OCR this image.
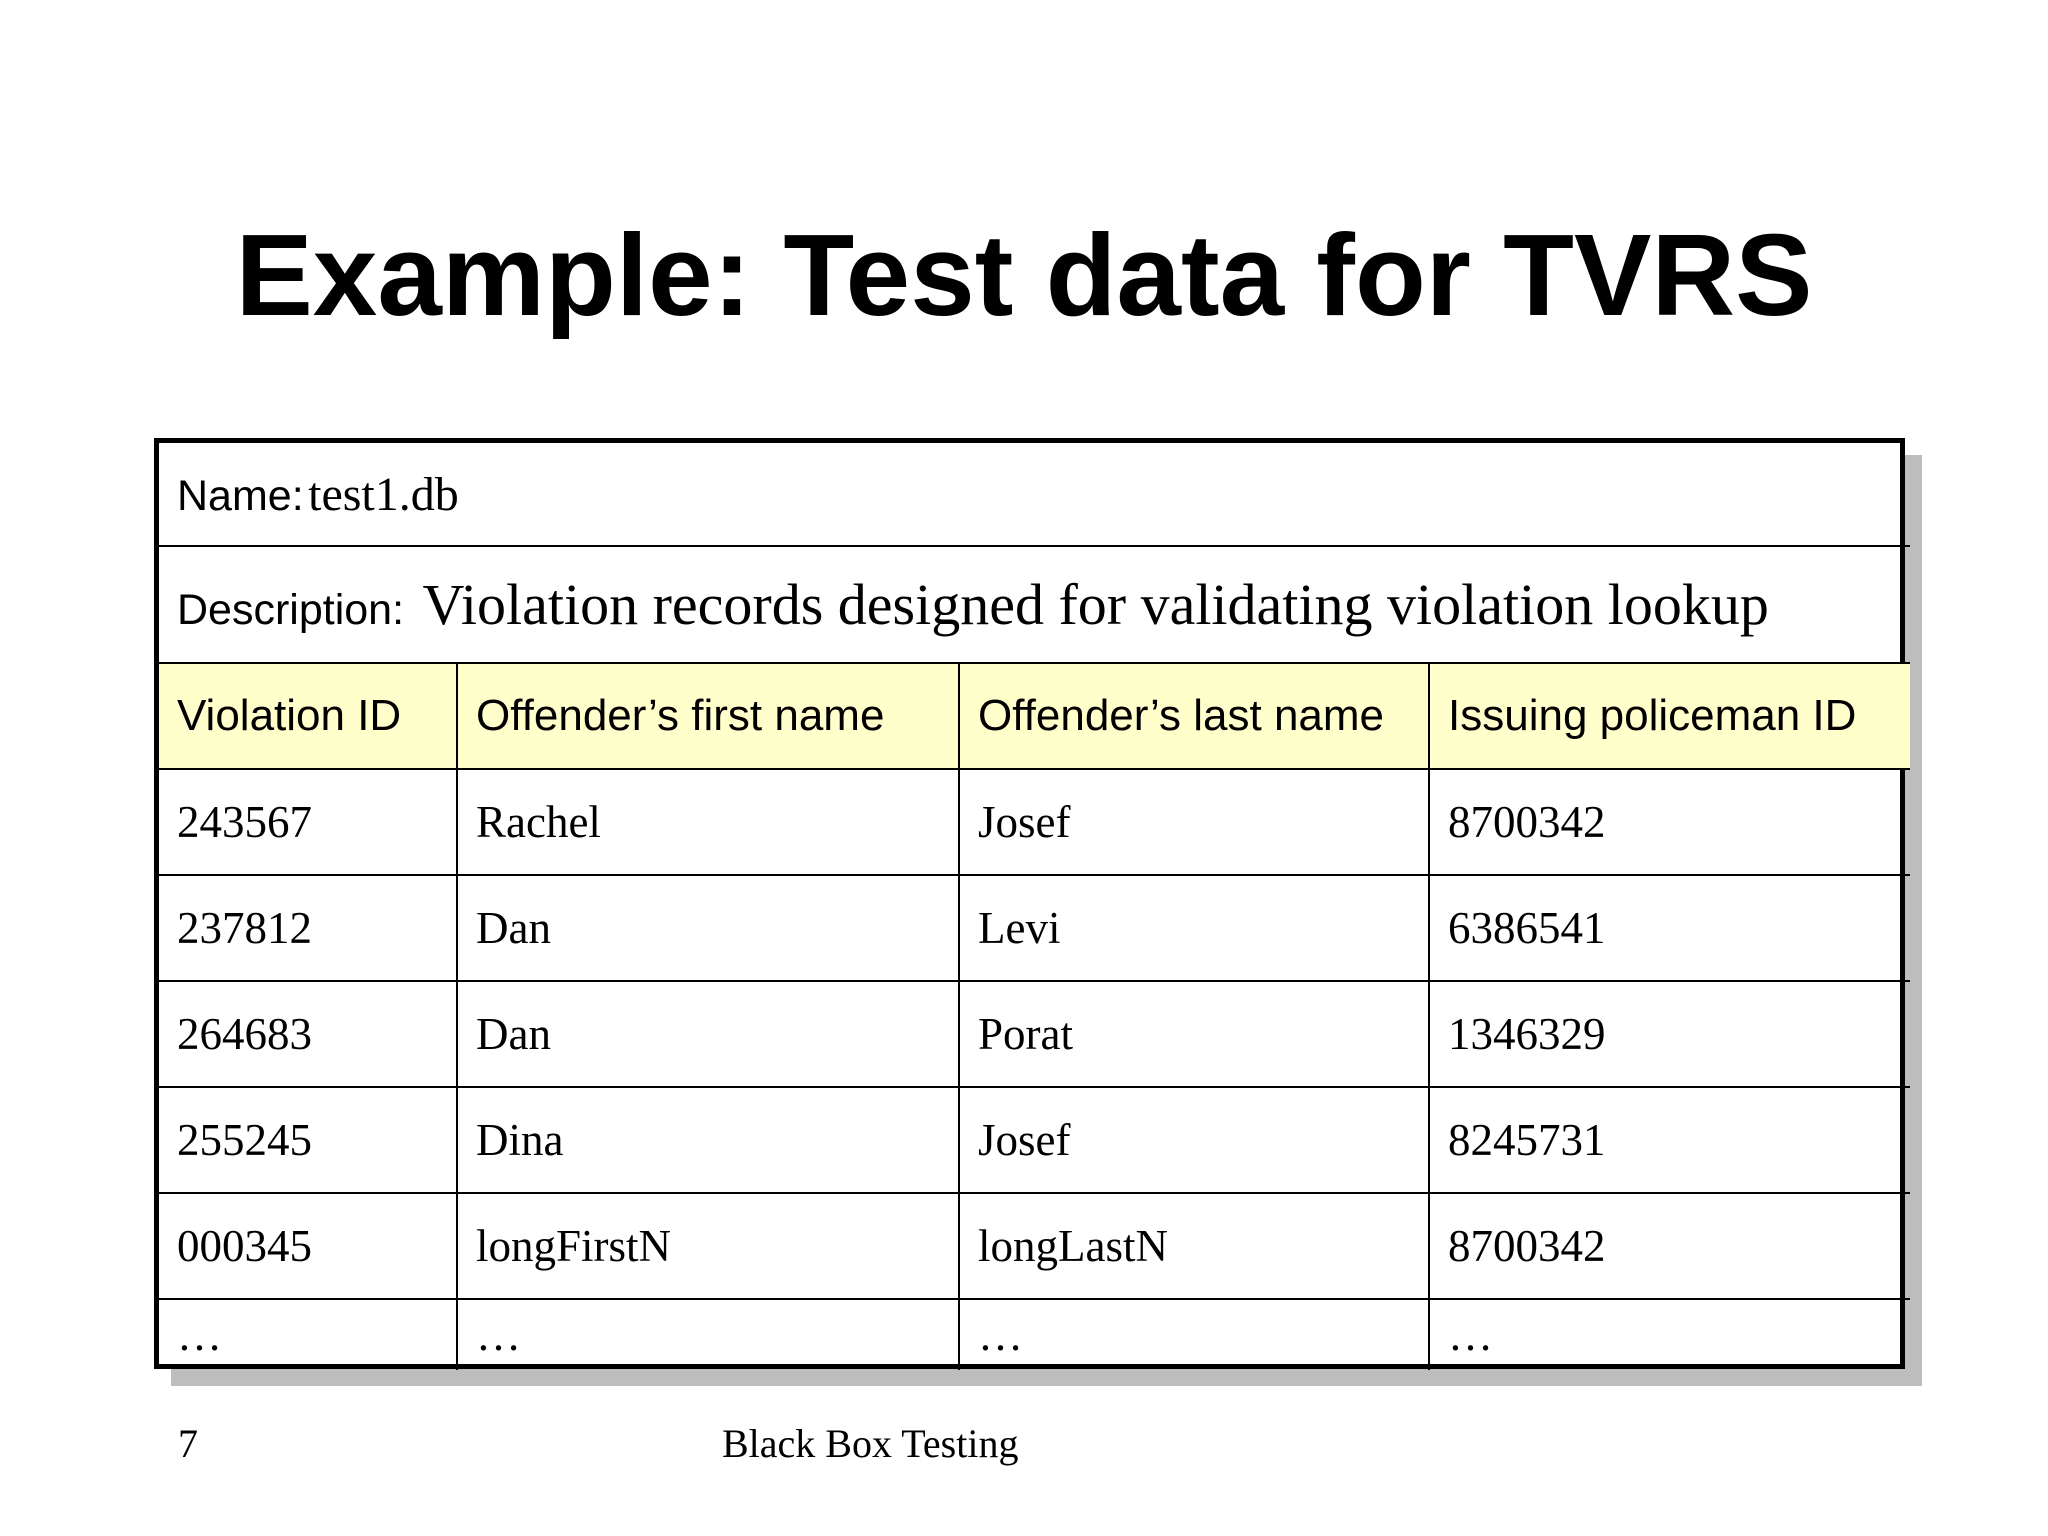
Example: Test data for TVRS
Name: test1.db			
Description: Violation records designed for validating violation lookup			
Violation ID	Offender’s first name	Offender’s last name	Issuing policeman ID
243567	Rachel	Josef	8700342
237812	Dan	Levi	6386541
264683	Dan	Porat	1346329
255245	Dina	Josef	8245731
000345	longFirstN	longLastN	8700342
…	…	…	…
7	Black Box Testing
